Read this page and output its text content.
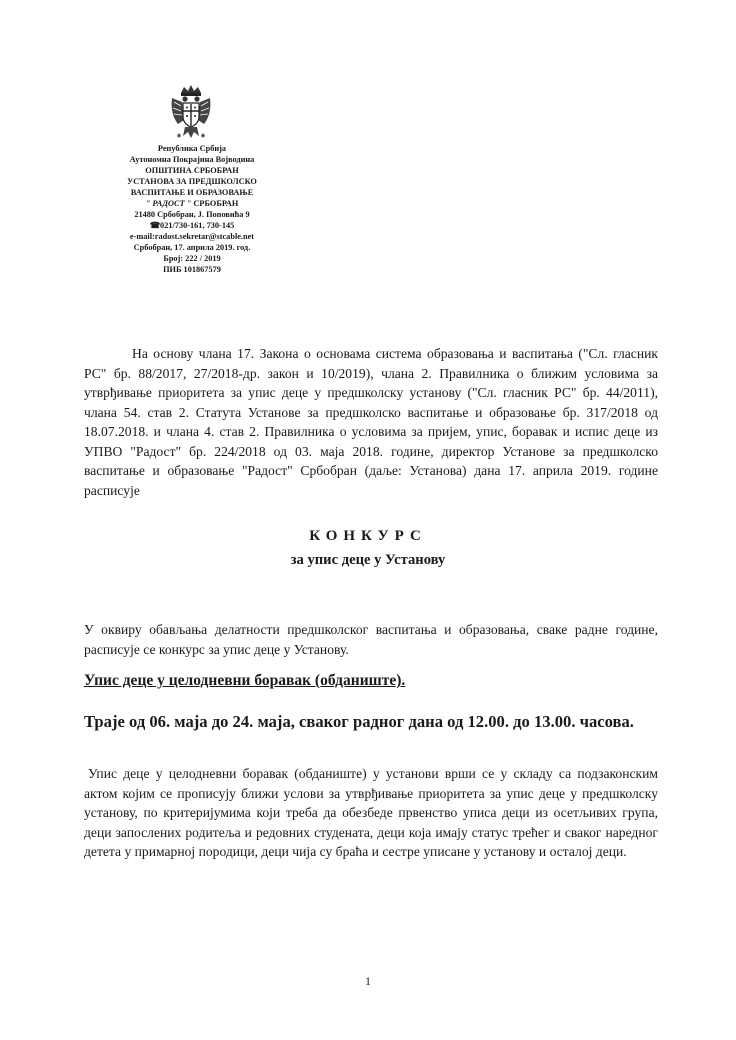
Република Србија
Аутономна Покрајина Војводина
ОПШТИНА СРБОБРАН
УСТАНОВА ЗА ПРЕДШКОЛСКО
ВАСПИТАЊЕ И ОБРАЗОВАЊЕ
" РАДОСТ " СРБОБРАН
21480 Србобран, Ј. Поповића 9
☎021/730-161, 730-145
e-mail:radost.sekretar@stcable.net
Србобран, 17. априла 2019. год.
Број: 222 / 2019
ПИБ 101867579

На основу члана 17. Закона о основама система образовања и васпитања ("Сл. гласник РС" бр. 88/2017, 27/2018-др. закон и 10/2019), члана 2. Правилника о ближим условима за утврђивање приоритета за упис деце у предшколску установу ("Сл. гласник РС" бр. 44/2011), члана 54. став 2. Статута Установе за предшколско васпитање и образовање бр. 317/2018 од 18.07.2018. и члана 4. став 2. Правилника о условима за пријем, упис, боравак и испис деце из УПВО "Радост" бр. 224/2018 од 03. маја 2018. године, директор Установе за предшколско васпитање и образовање "Радост" Србобран (даље: Установа) дана 17. априла 2019. године расписује

КОНКУРС
за упис деце у Установу

У оквиру обављања делатности предшколског васпитања и образовања, сваке радне године, расписује се конкурс за упис деце у Установу.

Упис деце у целодневни боравак (обданиште).

Траје од 06. маја до 24. маја, сваког радног дана од 12.00. до 13.00. часова.

Упис деце у целодневни боравак (обданиште) у установи врши се у складу са подзаконским актом којим се прописују ближи услови за утврђивање приоритета за упис деце у предшколску установу, по критеријумима који треба да обезбеде првенство уписа деци из осетљивих група, деци запослених родитеља и редовних студената, деци која имају статус трећег и сваког наредног детета у примарној породици, деци чија су браћа и сестре уписане у установу и осталој деци.

1
